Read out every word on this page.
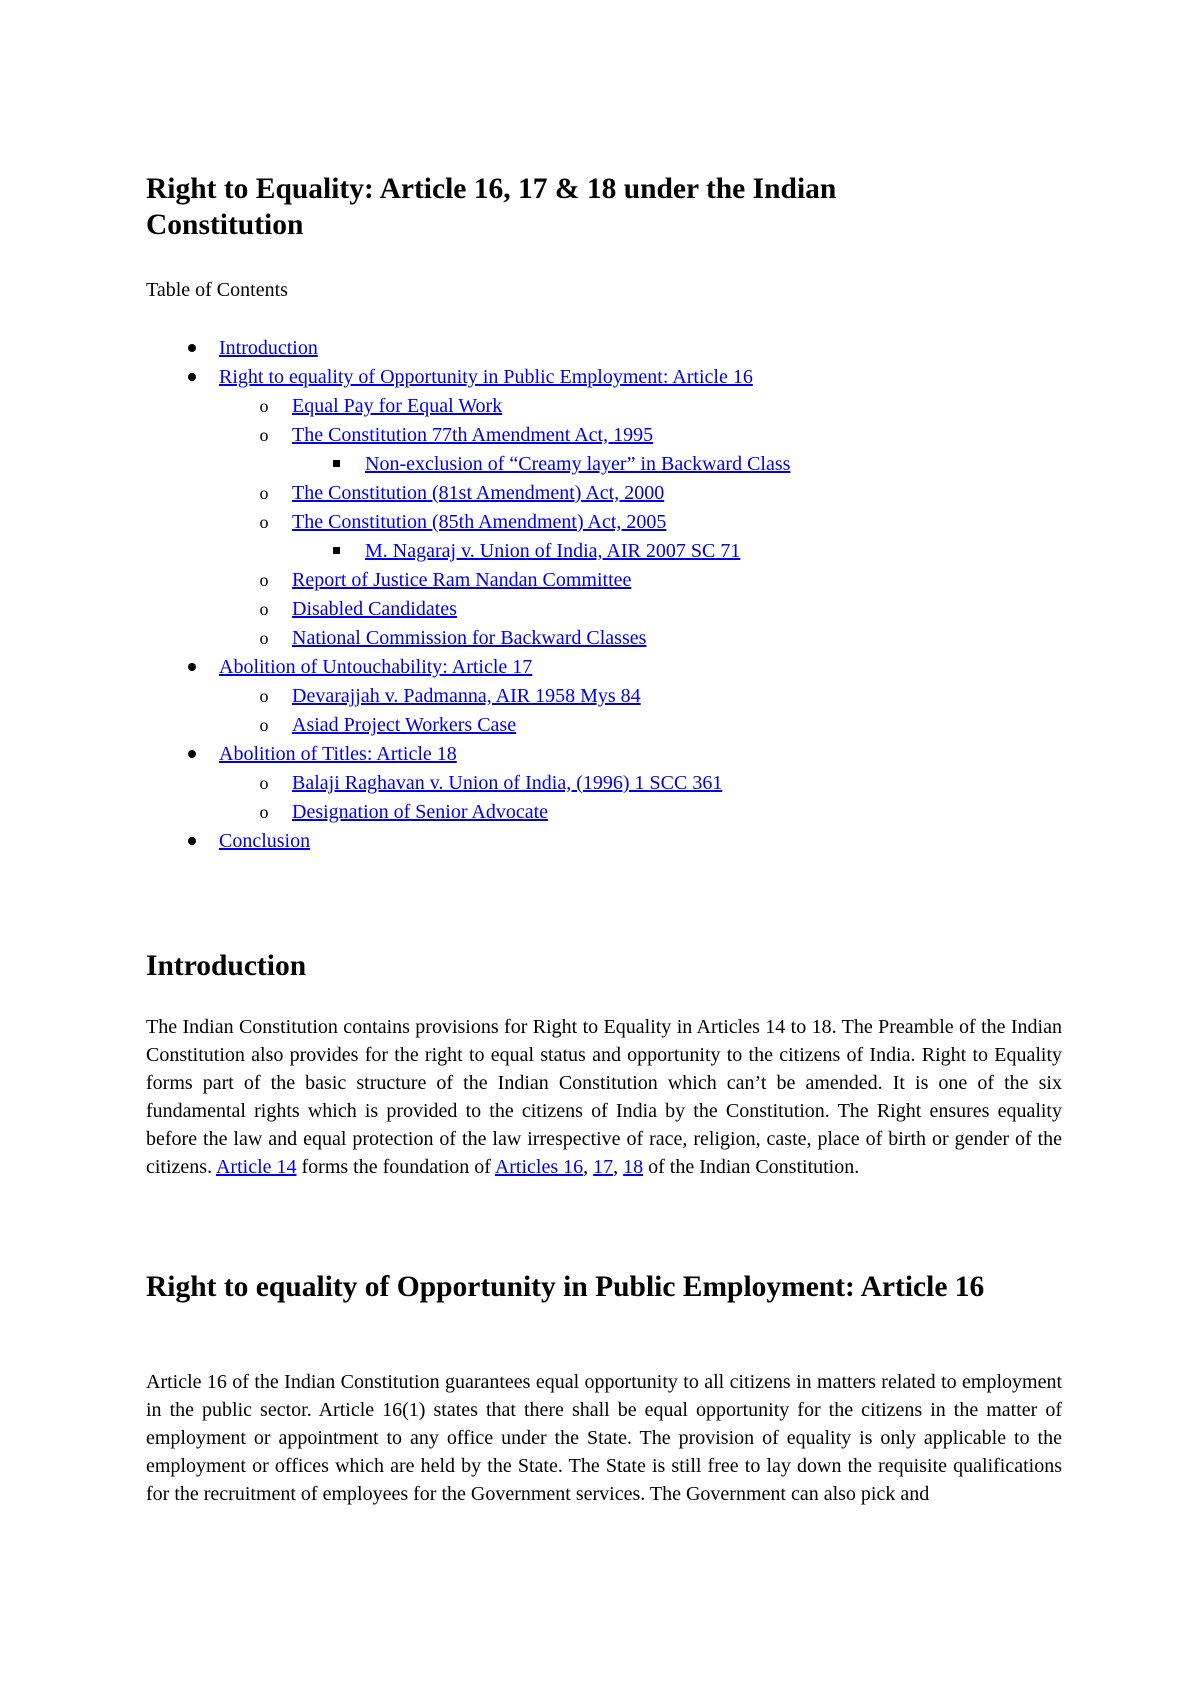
Right to Equality: Article 16, 17 & 18 under the Indian Constitution

Table of Contents

Introduction
Right to equality of Opportunity in Public Employment: Article 16
o Equal Pay for Equal Work
o The Constitution 77th Amendment Act, 1995
Non-exclusion of “Creamy layer” in Backward Class
o The Constitution (81st Amendment) Act, 2000
o The Constitution (85th Amendment) Act, 2005
M. Nagaraj v. Union of India, AIR 2007 SC 71
o Report of Justice Ram Nandan Committee
o Disabled Candidates
o National Commission for Backward Classes
Abolition of Untouchability: Article 17
o Devarajjah v. Padmanna, AIR 1958 Mys 84
o Asiad Project Workers Case
Abolition of Titles: Article 18
o Balaji Raghavan v. Union of India, (1996) 1 SCC 361
o Designation of Senior Advocate
Conclusion
Introduction

The Indian Constitution contains provisions for Right to Equality in Articles 14 to 18. The Preamble of the Indian Constitution also provides for the right to equal status and opportunity to the citizens of India. Right to Equality forms part of the basic structure of the Indian Constitution which can’t be amended. It is one of the six fundamental rights which is provided to the citizens of India by the Constitution. The Right ensures equality before the law and equal protection of the law irrespective of race, religion, caste, place of birth or gender of the citizens. Article 14 forms the foundation of Articles 16, 17, 18 of the Indian Constitution.

Right to equality of Opportunity in Public Employment: Article 16

Article 16 of the Indian Constitution guarantees equal opportunity to all citizens in matters related to employment in the public sector. Article 16(1) states that there shall be equal opportunity for the citizens in the matter of employment or appointment to any office under the State. The provision of equality is only applicable to the employment or offices which are held by the State. The State is still free to lay down the requisite qualifications for the recruitment of employees for the Government services. The Government can also pick and
